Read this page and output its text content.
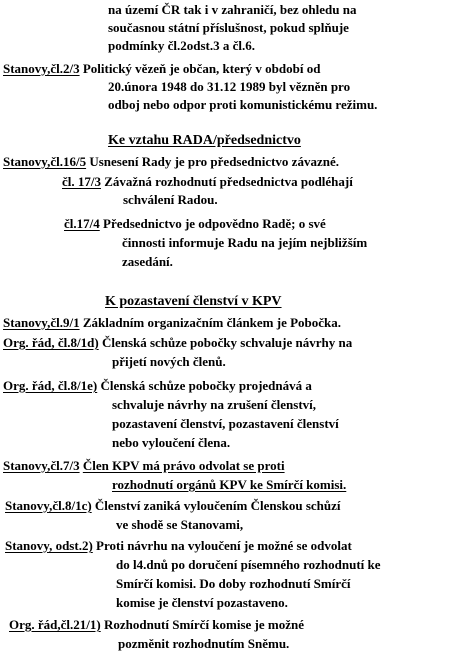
na území ČR tak i v zahraničí, bez ohledu na
současnou státní příslušnost, pokud splňuje
podmínky čl.2odst.3 a čl.6.
Stanovy,čl.2/3 Politický vězeň je občan, který v období od
20.února 1948 do 31.12 1989 byl vězněn pro
odboj nebo odpor proti komunistickému režimu.
Ke vztahu RADA/předsednictvo
Stanovy,čl.16/5 Usnesení Rady je pro předsednictvo závazné.
čl. 17/3 Závažná rozhodnutí předsednictva podléhají
schválení Radou.
čl.17/4 Předsednictvo je odpovědno Radě; o své
činnosti informuje Radu na jejím nejbližším
zasedání.
K pozastavení členství v KPV
Stanovy,čl.9/1 Základním organizačním článkem je Pobočka.
Org. řád, čl.8/1d) Členská schůze pobočky schvaluje návrhy na
přijetí nových členů.
Org. řád, čl.8/1e) Členská schůze pobočky projednává a
schvaluje návrhy na zrušení členství,
pozastavení členství, pozastavení členství
nebo vyloučení člena.
Stanovy,čl.7/3 Člen KPV má právo odvolat se proti
rozhodnutí orgánů KPV ke Smírčí komisi.
Stanovy,čl.8/1c) Členství zaniká vyloučením Členskou schůzí
ve shodě se Stanovami,
Stanovy, odst.2) Proti návrhu na vyloučení je možné se odvolat
do l4.dnů po doručení písemného rozhodnutí ke
Smírčí komisi. Do doby rozhodnutí Smírčí
komise je členství pozastaveno.
Org. řád,čl.21/1) Rozhodnutí Smírčí komise je možné
pozměnit rozhodnutím Sněmu.
